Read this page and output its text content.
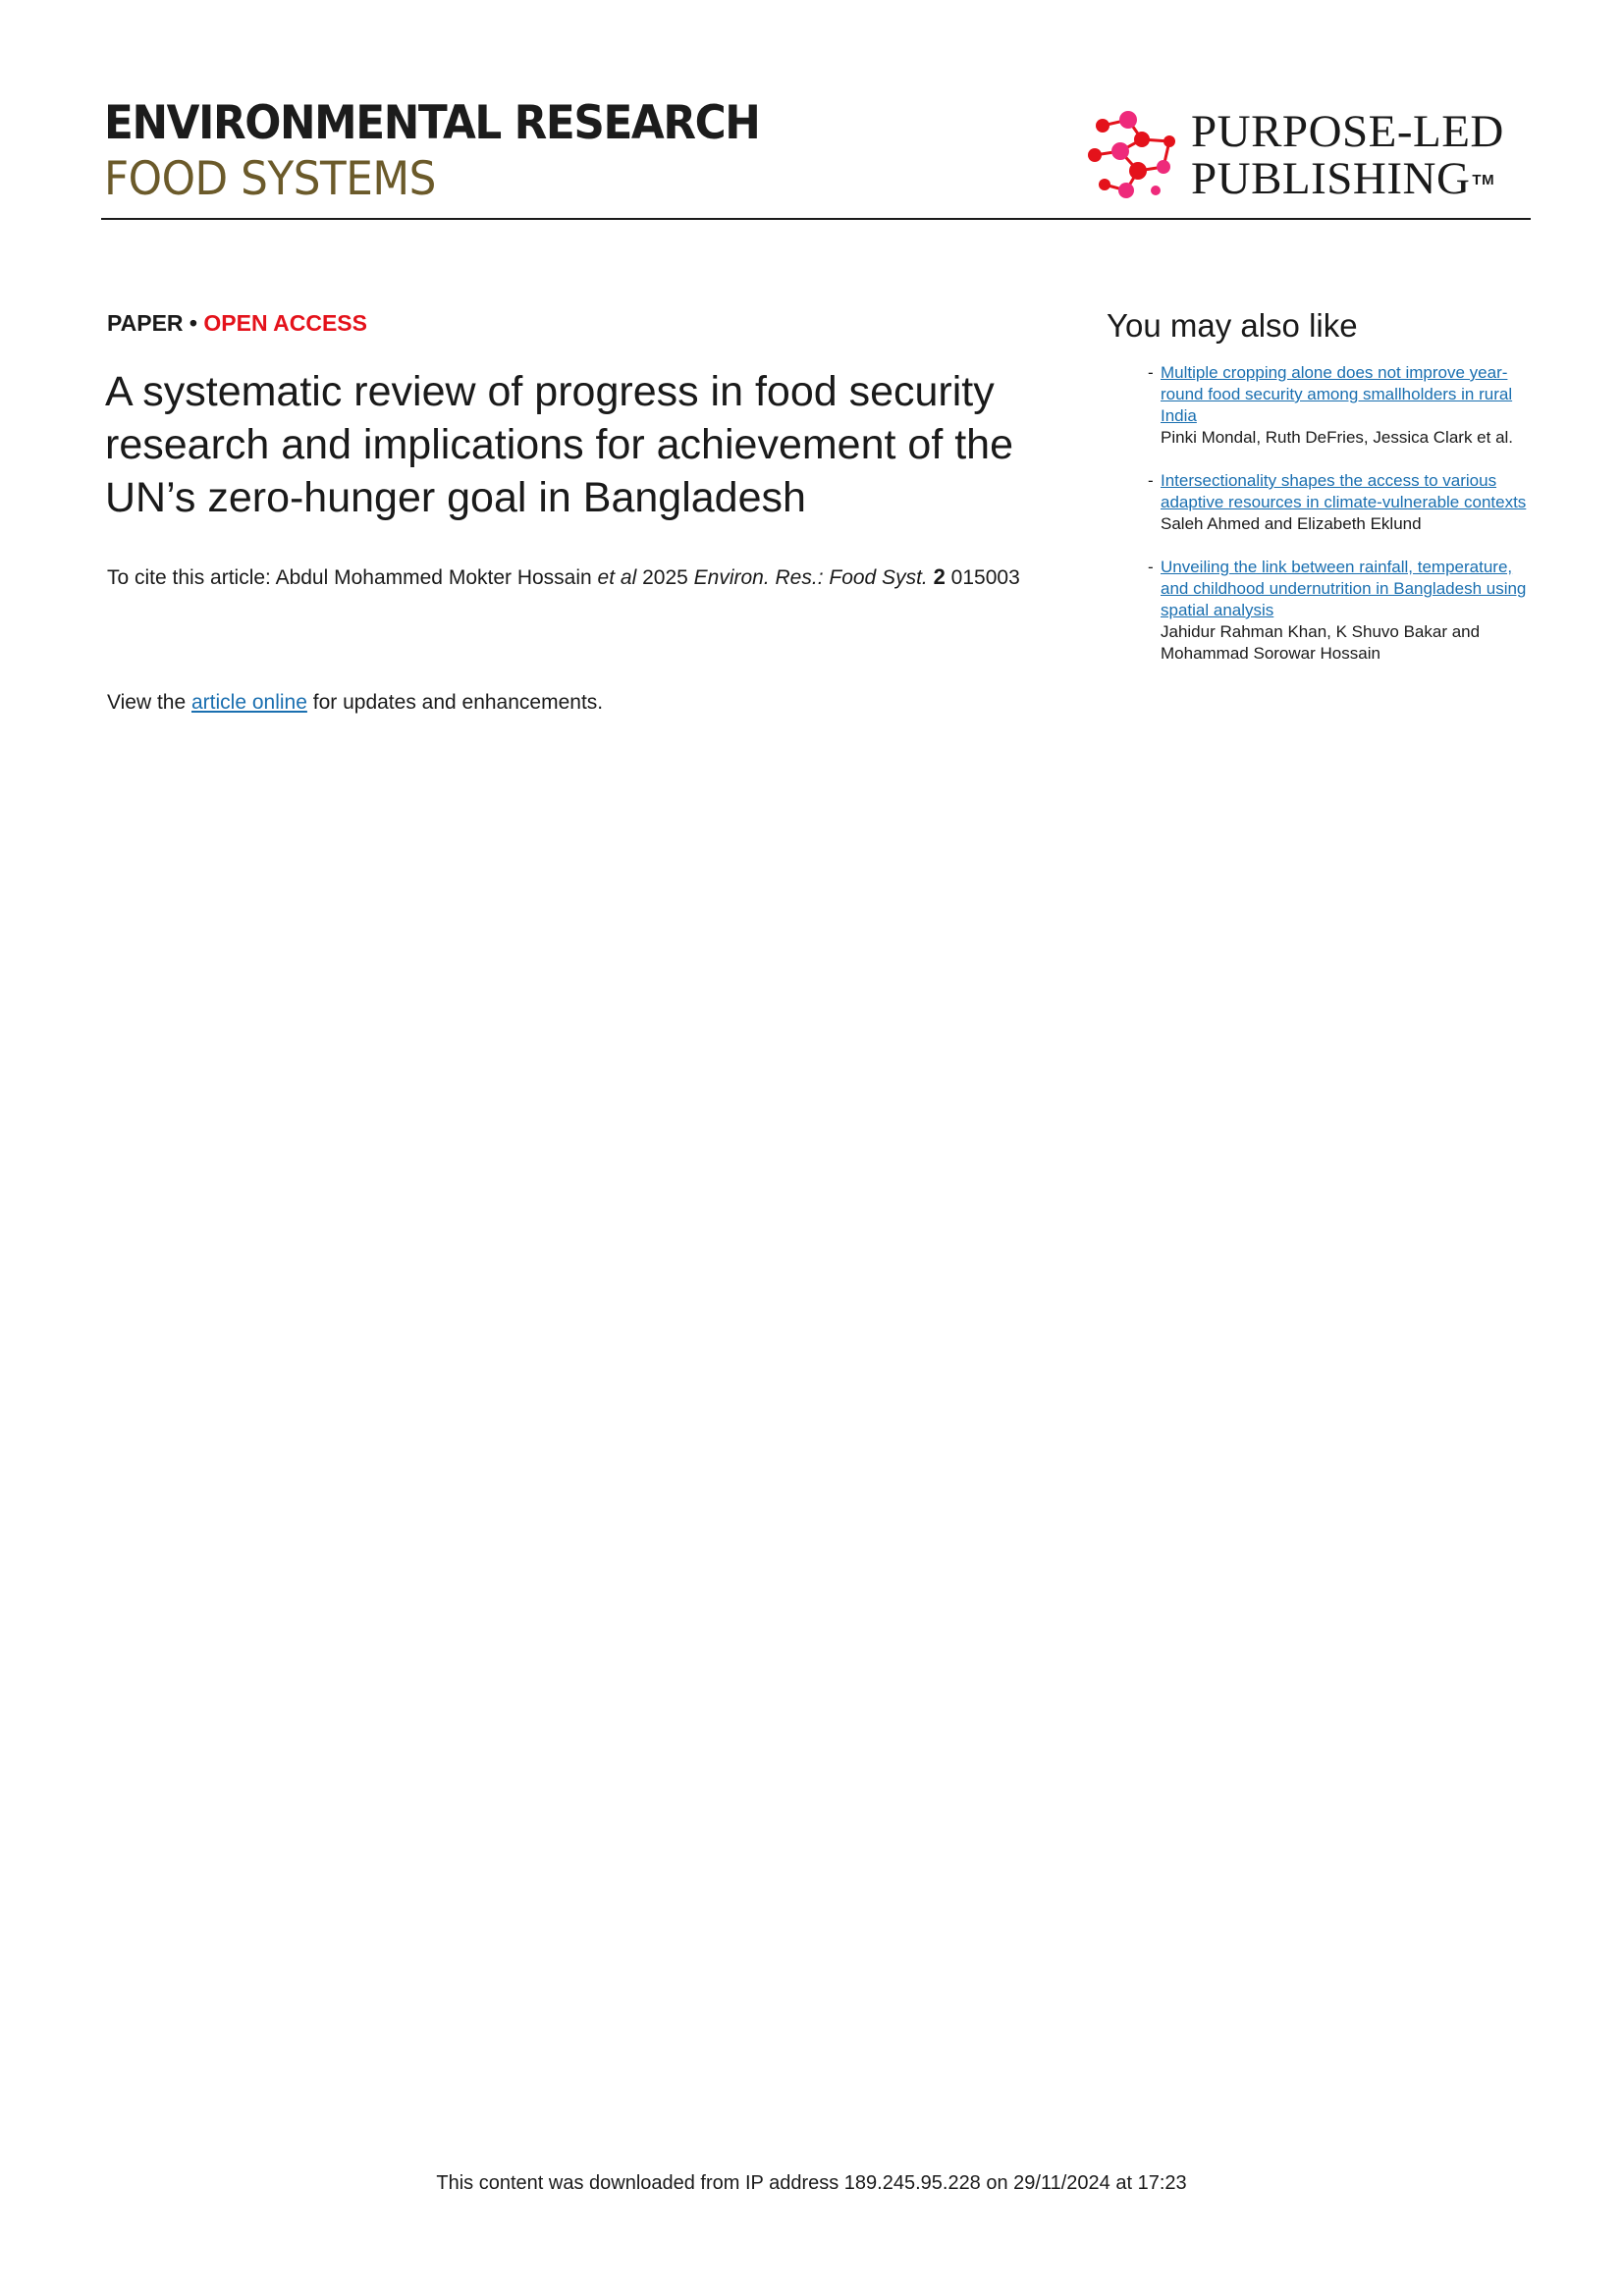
ENVIRONMENTAL RESEARCH
FOOD SYSTEMS
PURPOSE-LED
PUBLISHING ™
PAPER • OPEN ACCESS
A systematic review of progress in food security research and implications for achievement of the UN’s zero-hunger goal in Bangladesh
To cite this article: Abdul Mohammed Mokter Hossain et al 2025 Environ. Res.: Food Syst. 2 015003
View the article online for updates and enhancements.
You may also like
- Multiple cropping alone does not improve year-round food security among smallholders in rural India
Pinki Mondal, Ruth DeFries, Jessica Clark et al.
- Intersectionality shapes the access to various adaptive resources in climate-vulnerable contexts
Saleh Ahmed and Elizabeth Eklund
- Unveiling the link between rainfall, temperature, and childhood undernutrition in Bangladesh using spatial analysis
Jahidur Rahman Khan, K Shuvo Bakar and Mohammad Sorowar Hossain
This content was downloaded from IP address 189.245.95.228 on 29/11/2024 at 17:23
